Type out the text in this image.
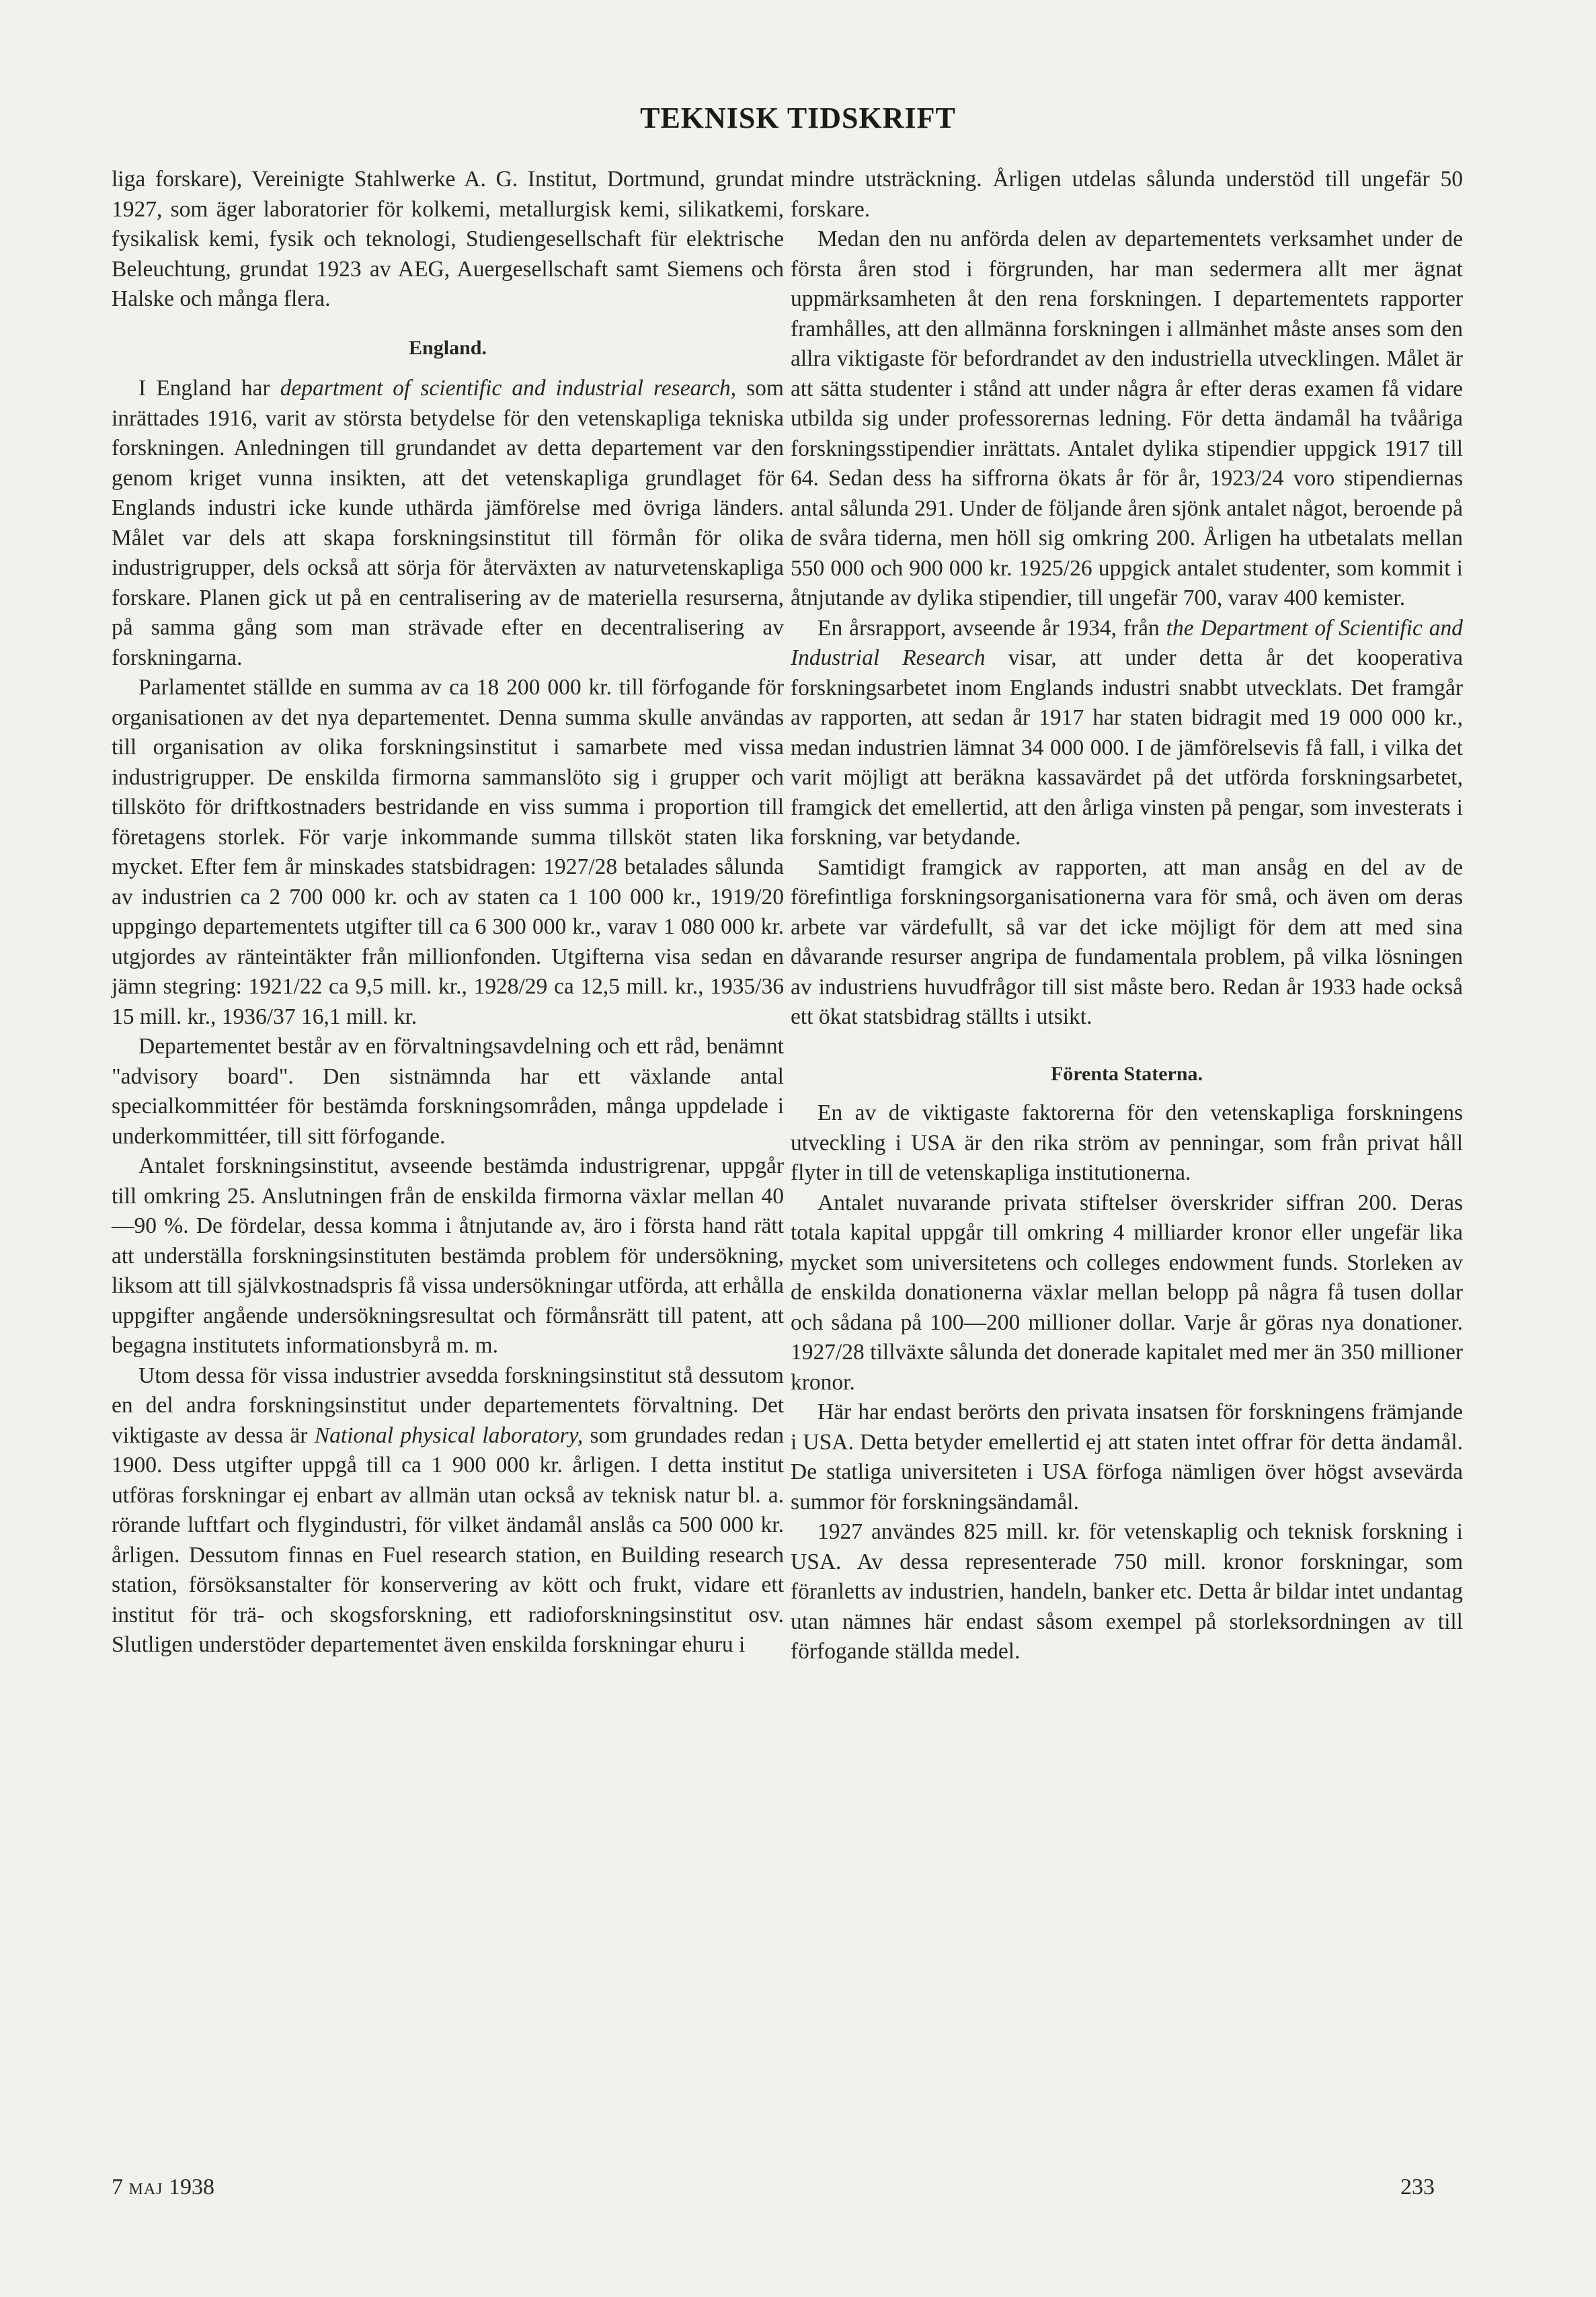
TEKNISK TIDSKRIFT

liga forskare), Vereinigte Stahlwerke A. G. Institut, Dortmund, grundat 1927, som äger laboratorier för kolkemi, metallurgisk kemi, silikatkemi, fysikalisk kemi, fysik och teknologi, Studiengesellschaft für elektrische Beleuchtung, grundat 1923 av AEG, Auergesellschaft samt Siemens och Halske och många flera.

England.

I England har department of scientific and industrial research, som inrättades 1916, varit av största betydelse för den vetenskapliga tekniska forskningen. Anledningen till grundandet av detta departement var den genom kriget vunna insikten, att det vetenskapliga grundlaget för Englands industri icke kunde uthärda jämförelse med övriga länders. Målet var dels att skapa forskningsinstitut till förmån för olika industrigrupper, dels också att sörja för återväxten av naturvetenskapliga forskare. Planen gick ut på en centralisering av de materiella resurserna, på samma gång som man strävade efter en decentralisering av forskningarna.

Parlamentet ställde en summa av ca 18 200 000 kr. till förfogande för organisationen av det nya departementet. Denna summa skulle användas till organisation av olika forskningsinstitut i samarbete med vissa industrigrupper. De enskilda firmorna sammanslöto sig i grupper och tillsköto för driftkostnaders bestridande en viss summa i proportion till företagens storlek. För varje inkommande summa tillsköt staten lika mycket. Efter fem år minskades statsbidragen: 1927/28 betalades sålunda av industrien ca 2 700 000 kr. och av staten ca 1 100 000 kr., 1919/20 uppgingo departementets utgifter till ca 6 300 000 kr., varav 1 080 000 kr. utgjordes av ränteintäkter från millionfonden. Utgifterna visa sedan en jämn stegring: 1921/22 ca 9,5 mill. kr., 1928/29 ca 12,5 mill. kr., 1935/36 15 mill. kr., 1936/37 16,1 mill. kr.

Departementet består av en förvaltningsavdelning och ett råd, benämnt "advisory board". Den sistnämnda har ett växlande antal specialkommittéer för bestämda forskningsområden, många uppdelade i underkommittéer, till sitt förfogande.

Antalet forskningsinstitut, avseende bestämda industrigrenar, uppgår till omkring 25. Anslutningen från de enskilda firmorna växlar mellan 40—90 %. De fördelar, dessa komma i åtnjutande av, äro i första hand rätt att underställa forskningsinstituten bestämda problem för undersökning, liksom att till självkostnadspris få vissa undersökningar utförda, att erhålla uppgifter angående undersökningsresultat och förmånsrätt till patent, att begagna institutets informationsbyrå m. m.

Utom dessa för vissa industrier avsedda forskningsinstitut stå dessutom en del andra forskningsinstitut under departementets förvaltning. Det viktigaste av dessa är National physical laboratory, som grundades redan 1900. Dess utgifter uppgå till ca 1 900 000 kr. årligen. I detta institut utföras forskningar ej enbart av allmän utan också av teknisk natur bl. a. rörande luftfart och flygindustri, för vilket ändamål anslås ca 500 000 kr. årligen. Dessutom finnas en Fuel research station, en Building research station, försöksanstalter för konservering av kött och frukt, vidare ett institut för trä- och skogsforskning, ett radioforskningsinstitut osv. Slutligen understöder departementet även enskilda forskningar ehuru i

mindre utsträckning. Årligen utdelas sålunda understöd till ungefär 50 forskare.

Medan den nu anförda delen av departementets verksamhet under de första åren stod i förgrunden, har man sedermera allt mer ägnat uppmärksamheten åt den rena forskningen. I departementets rapporter framhålles, att den allmänna forskningen i allmänhet måste anses som den allra viktigaste för befordrandet av den industriella utvecklingen. Målet är att sätta studenter i stånd att under några år efter deras examen få vidare utbilda sig under professorernas ledning. För detta ändamål ha tvååriga forskningsstipendier inrättats. Antalet dylika stipendier uppgick 1917 till 64. Sedan dess ha siffrorna ökats år för år, 1923/24 voro stipendiernas antal sålunda 291. Under de följande åren sjönk antalet något, beroende på de svåra tiderna, men höll sig omkring 200. Årligen ha utbetalats mellan 550 000 och 900 000 kr. 1925/26 uppgick antalet studenter, som kommit i åtnjutande av dylika stipendier, till ungefär 700, varav 400 kemister.

En årsrapport, avseende år 1934, från the Department of Scientific and Industrial Research visar, att under detta år det kooperativa forskningsarbetet inom Englands industri snabbt utvecklats. Det framgår av rapporten, att sedan år 1917 har staten bidragit med 19 000 000 kr., medan industrien lämnat 34 000 000. I de jämförelsevis få fall, i vilka det varit möjligt att beräkna kassavärdet på det utförda forskningsarbetet, framgick det emellertid, att den årliga vinsten på pengar, som investerats i forskning, var betydande.

Samtidigt framgick av rapporten, att man ansåg en del av de förefintliga forskningsorganisationerna vara för små, och även om deras arbete var värdefullt, så var det icke möjligt för dem att med sina dåvarande resurser angripa de fundamentala problem, på vilka lösningen av industriens huvudfrågor till sist måste bero. Redan år 1933 hade också ett ökat statsbidrag ställts i utsikt.

Förenta Staterna.

En av de viktigaste faktorerna för den vetenskapliga forskningens utveckling i USA är den rika ström av penningar, som från privat håll flyter in till de vetenskapliga institutionerna.

Antalet nuvarande privata stiftelser överskrider siffran 200. Deras totala kapital uppgår till omkring 4 milliarder kronor eller ungefär lika mycket som universitetens och colleges endowment funds. Storleken av de enskilda donationerna växlar mellan belopp på några få tusen dollar och sådana på 100—200 millioner dollar. Varje år göras nya donationer. 1927/28 tillväxte sålunda det donerade kapitalet med mer än 350 millioner kronor.

Här har endast berörts den privata insatsen för forskningens främjande i USA. Detta betyder emellertid ej att staten intet offrar för detta ändamål. De statliga universiteten i USA förfoga nämligen över högst avsevärda summor för forskningsändamål.

1927 användes 825 mill. kr. för vetenskaplig och teknisk forskning i USA. Av dessa representerade 750 mill. kronor forskningar, som föranletts av industrien, handeln, banker etc. Detta år bildar intet undantag utan nämnes här endast såsom exempel på storleksordningen av till förfogande ställda medel.

7 MAJ 1938	233
